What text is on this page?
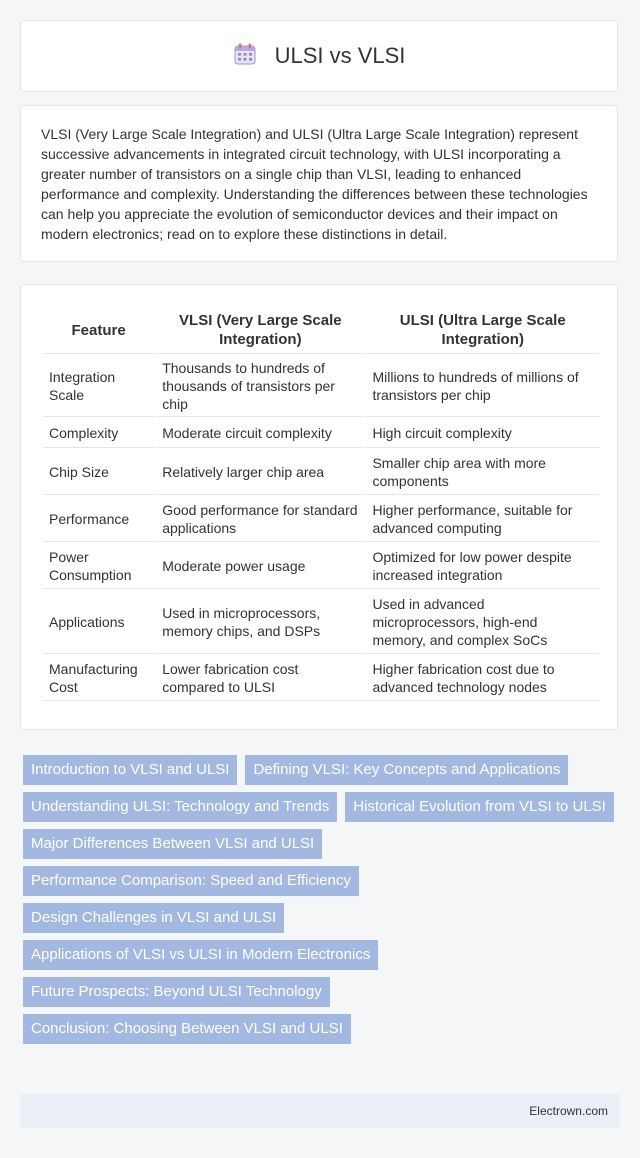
ULSI vs VLSI

VLSI (Very Large Scale Integration) and ULSI (Ultra Large Scale Integration) represent successive advancements in integrated circuit technology, with ULSI incorporating a greater number of transistors on a single chip than VLSI, leading to enhanced performance and complexity. Understanding the differences between these technologies can help you appreciate the evolution of semiconductor devices and their impact on modern electronics; read on to explore these distinctions in detail.

Feature	VLSI (Very Large Scale Integration)	ULSI (Ultra Large Scale Integration)
Integration Scale	Thousands to hundreds of thousands of transistors per chip	Millions to hundreds of millions of transistors per chip
Complexity	Moderate circuit complexity	High circuit complexity
Chip Size	Relatively larger chip area	Smaller chip area with more components
Performance	Good performance for standard applications	Higher performance, suitable for advanced computing
Power Consumption	Moderate power usage	Optimized for low power despite increased integration
Applications	Used in microprocessors, memory chips, and DSPs	Used in advanced microprocessors, high-end memory, and complex SoCs
Manufacturing Cost	Lower fabrication cost compared to ULSI	Higher fabrication cost due to advanced technology nodes
Introduction to VLSI and ULSI	Defining VLSI: Key Concepts and Applications
Understanding ULSI: Technology and Trends	Historical Evolution from VLSI to ULSI
Major Differences Between VLSI and ULSI
Performance Comparison: Speed and Efficiency
Design Challenges in VLSI and ULSI
Applications of VLSI vs ULSI in Modern Electronics
Future Prospects: Beyond ULSI Technology
Conclusion: Choosing Between VLSI and ULSI
Electrown.com
